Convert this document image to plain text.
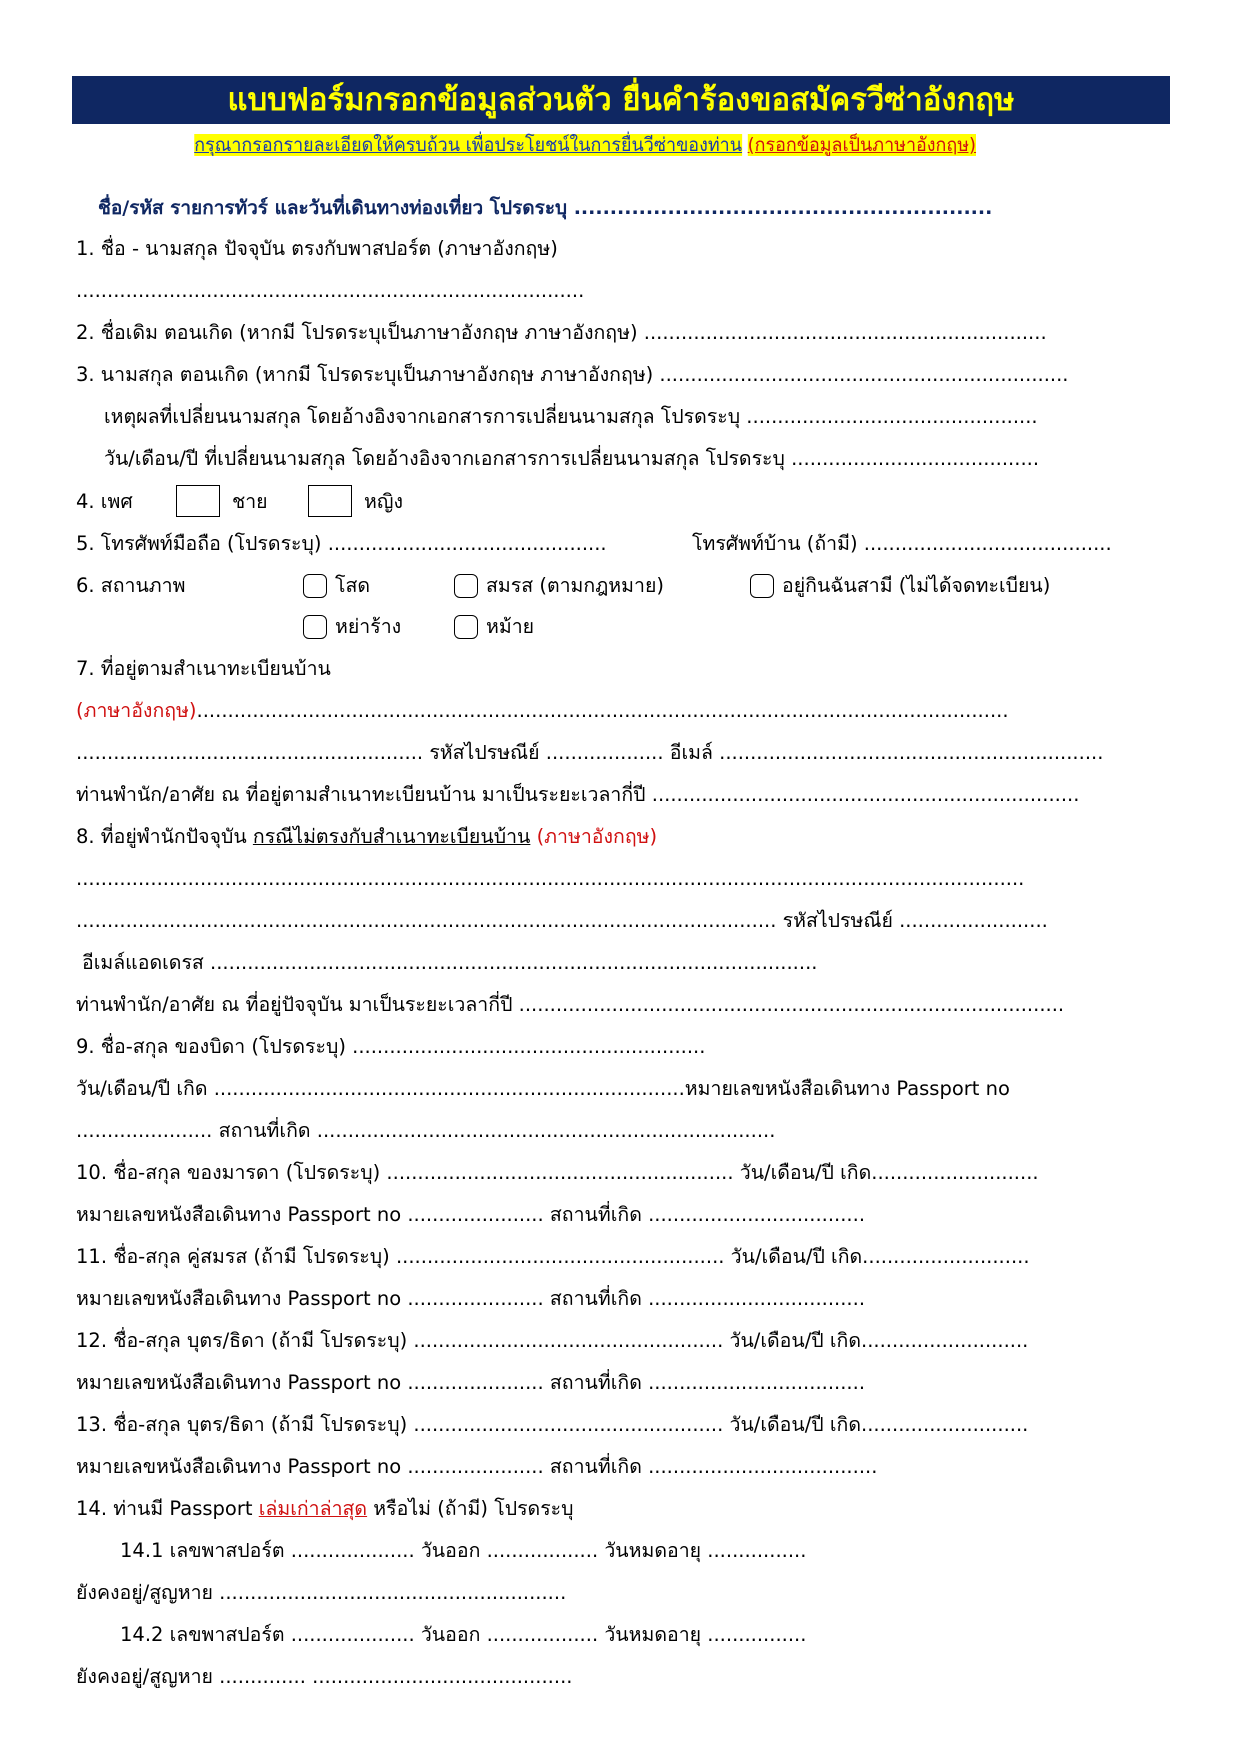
แบบฟอร์มกรอกข้อมูลส่วนตัว ยื่นคำร้องขอสมัครวีซ่าอังกฤษ
กรุณากรอกรายละเอียดให้ครบถ้วน เพื่อประโยชน์ในการยื่นวีซ่าของท่าน (กรอกข้อมูลเป็นภาษาอังกฤษ)
ชื่อ/รหัส รายการทัวร์ และวันที่เดินทางท่องเที่ยว โปรดระบุ ..........................................................
1. ชื่อ - นามสกุล ปัจจุบัน ตรงกับพาสปอร์ต (ภาษาอังกฤษ)
..................................................................................
2. ชื่อเดิม ตอนเกิด (หากมี โปรดระบุเป็นภาษาอังกฤษ ภาษาอังกฤษ) .................................................................
3. นามสกุล ตอนเกิด (หากมี โปรดระบุเป็นภาษาอังกฤษ ภาษาอังกฤษ) ..................................................................
เหตุผลที่เปลี่ยนนามสกุล โดยอ้างอิงจากเอกสารการเปลี่ยนนามสกุล โปรดระบุ ...............................................
วัน/เดือน/ปี ที่เปลี่ยนนามสกุล โดยอ้างอิงจากเอกสารการเปลี่ยนนามสกุล โปรดระบุ ........................................
4. เพศ	ชาย	หญิง
5. โทรศัพท์มือถือ (โปรดระบุ) .............................................	โทรศัพท์บ้าน (ถ้ามี) ........................................
6. สถานภาพ	โสด	สมรส (ตามกฎหมาย)	อยู่กินฉันสามี (ไม่ได้จดทะเบียน)
หย่าร้าง	หม้าย
7. ที่อยู่ตามสำเนาทะเบียนบ้าน
(ภาษาอังกฤษ)...................................................................................................................................
........................................................ รหัสไปรษณีย์ ................... อีเมล์ ..............................................................
ท่านพำนัก/อาศัย ณ ที่อยู่ตามสำเนาทะเบียนบ้าน มาเป็นระยะเวลากี่ปี .....................................................................
8. ที่อยู่พำนักปัจจุบัน กรณีไม่ตรงกับสำเนาทะเบียนบ้าน (ภาษาอังกฤษ)
.........................................................................................................................................................
................................................................................................................. รหัสไปรษณีย์ ........................
อีเมล์แอดเดรส ..................................................................................................
ท่านพำนัก/อาศัย ณ ที่อยู่ปัจจุบัน มาเป็นระยะเวลากี่ปี ........................................................................................
9. ชื่อ-สกุล ของบิดา (โปรดระบุ) .........................................................
วัน/เดือน/ปี เกิด ............................................................................หมายเลขหนังสือเดินทาง Passport no
...................... สถานที่เกิด ..........................................................................
10. ชื่อ-สกุล ของมารดา (โปรดระบุ) ........................................................ วัน/เดือน/ปี เกิด...........................
หมายเลขหนังสือเดินทาง Passport no ...................... สถานที่เกิด ...................................
11. ชื่อ-สกุล คู่สมรส (ถ้ามี โปรดระบุ) ..................................................... วัน/เดือน/ปี เกิด...........................
หมายเลขหนังสือเดินทาง Passport no ...................... สถานที่เกิด ...................................
12. ชื่อ-สกุล บุตร/ธิดา (ถ้ามี โปรดระบุ) .................................................. วัน/เดือน/ปี เกิด...........................
หมายเลขหนังสือเดินทาง Passport no ...................... สถานที่เกิด ...................................
13. ชื่อ-สกุล บุตร/ธิดา (ถ้ามี โปรดระบุ) .................................................. วัน/เดือน/ปี เกิด...........................
หมายเลขหนังสือเดินทาง Passport no ...................... สถานที่เกิด .....................................
14. ท่านมี Passport เล่มเก่าล่าสุด หรือไม่ (ถ้ามี) โปรดระบุ
14.1 เลขพาสปอร์ต .................... วันออก .................. วันหมดอายุ ................
ยังคงอยู่/สูญหาย ........................................................
14.2 เลขพาสปอร์ต .................... วันออก .................. วันหมดอายุ ................
ยังคงอยู่/สูญหาย .............. ..........................................
